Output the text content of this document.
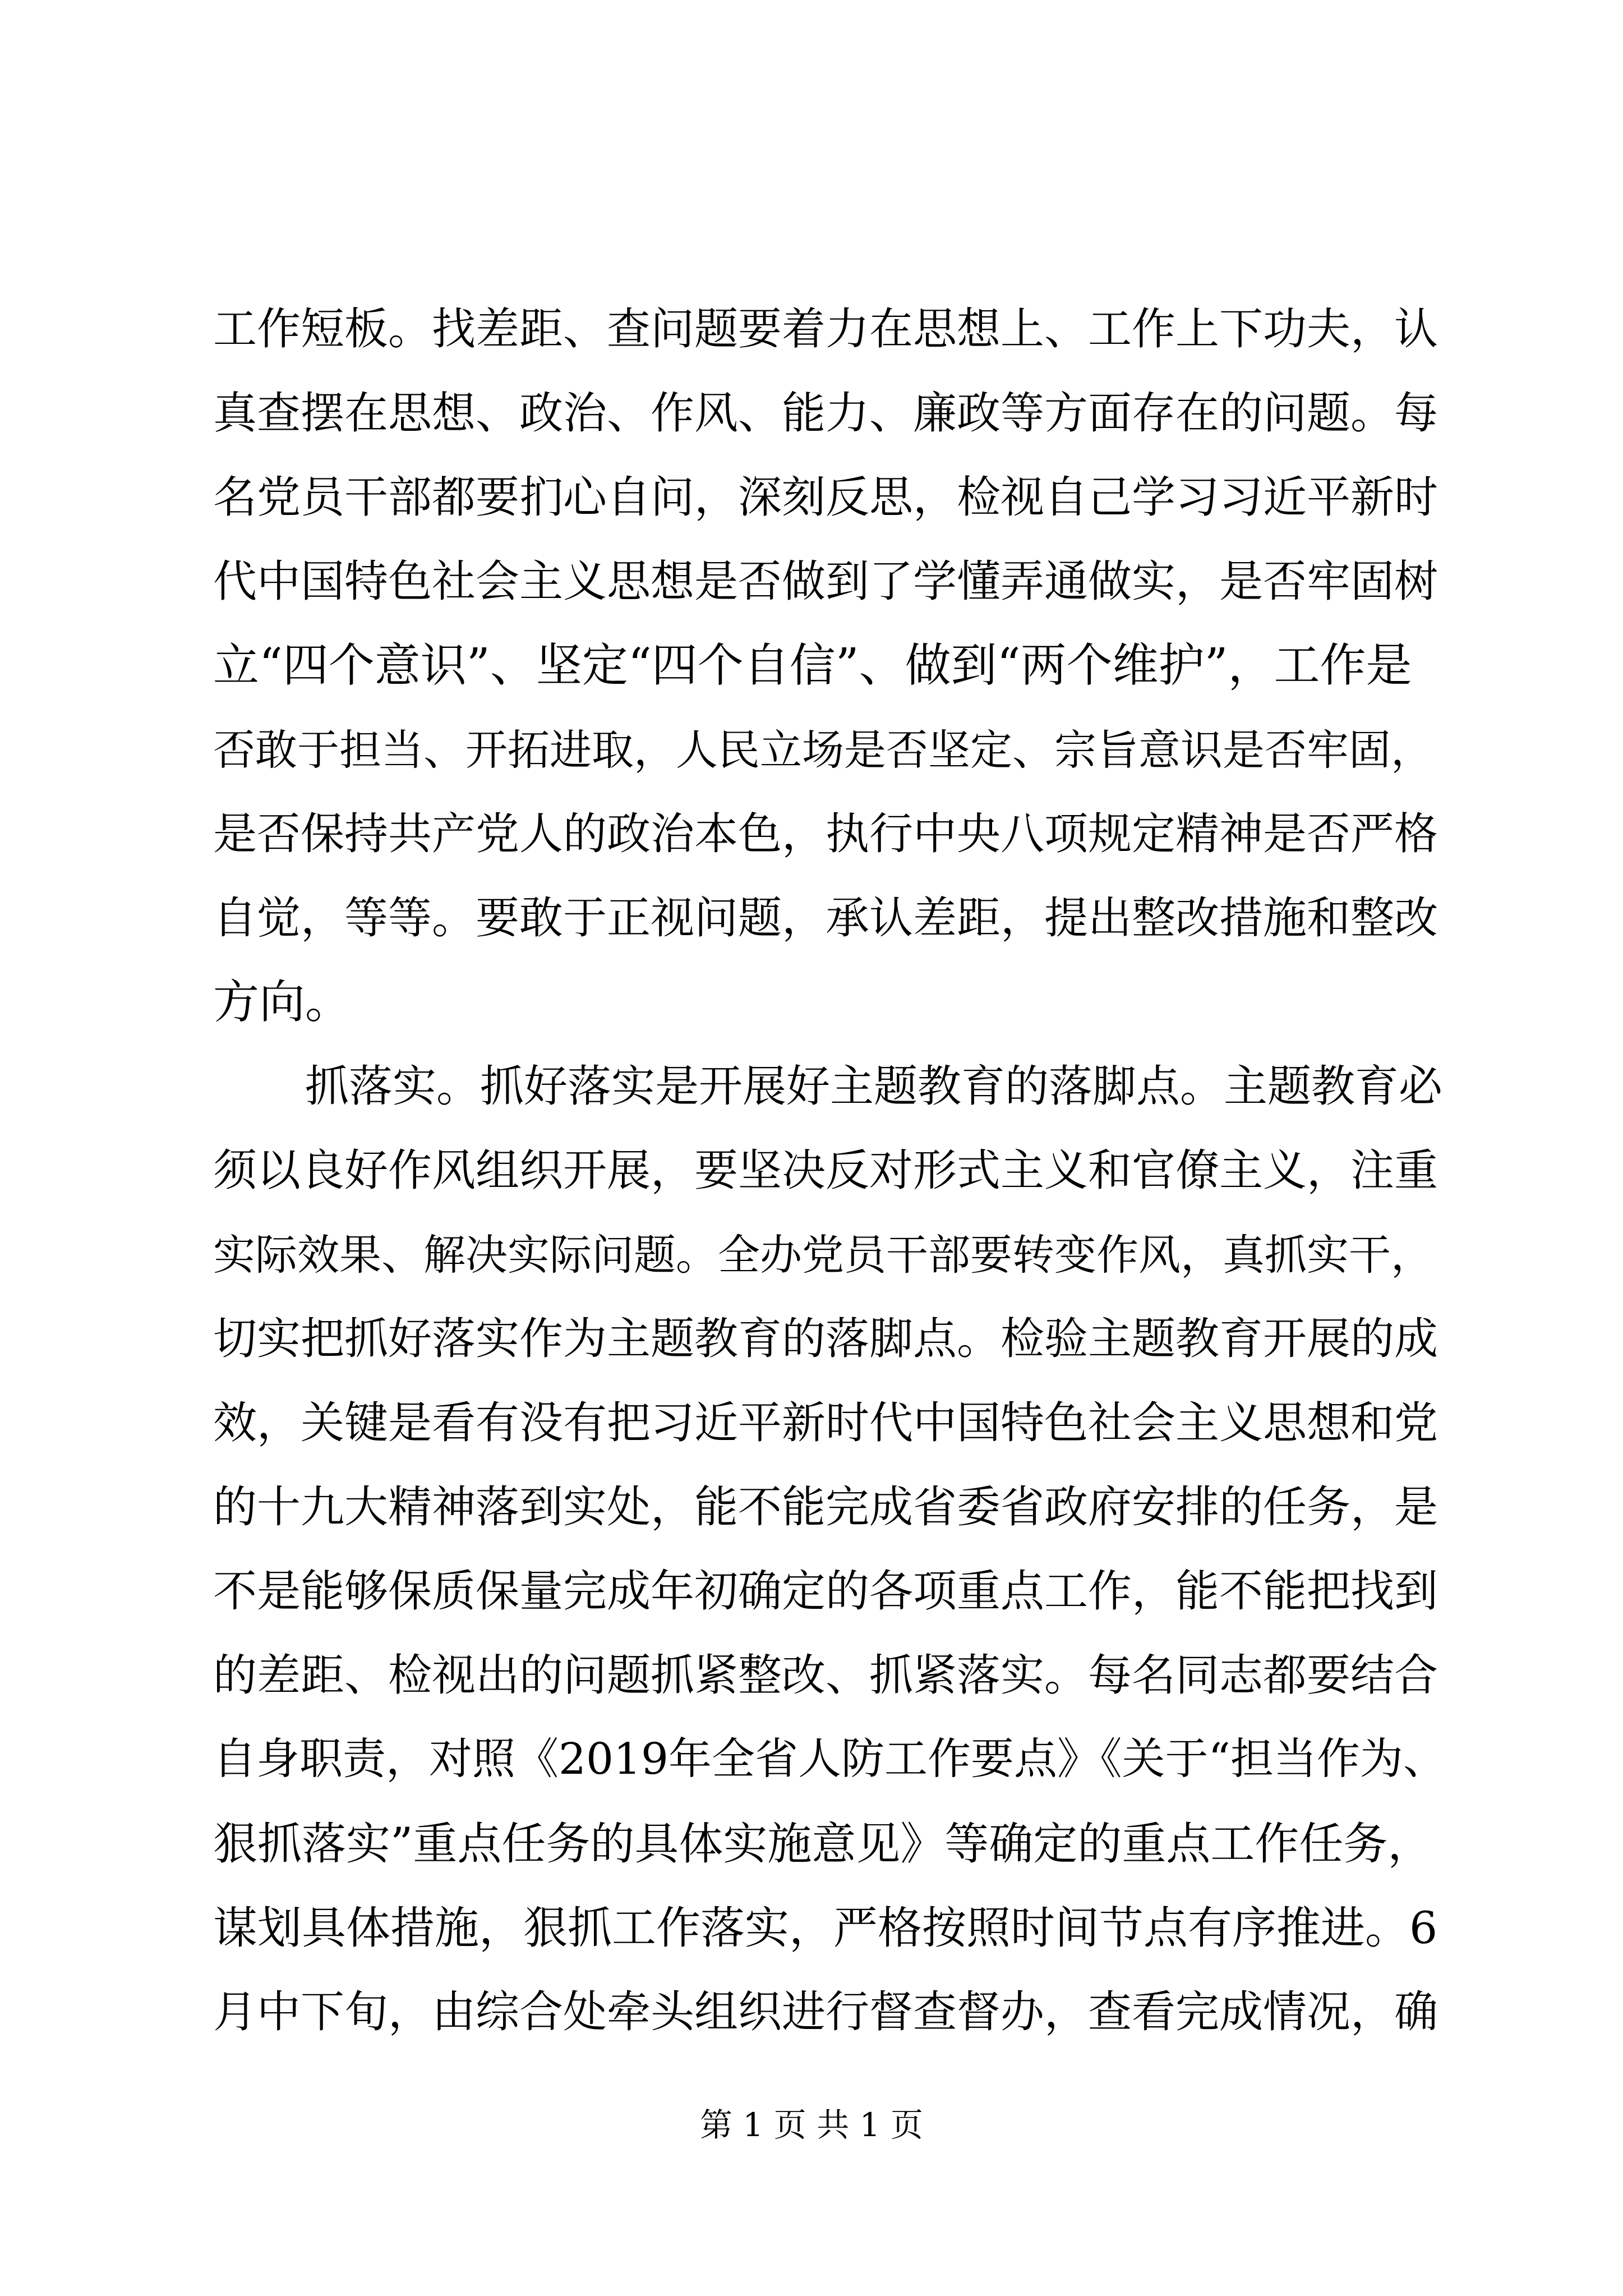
工作短板。找差距、查问题要着力在思想上、工作上下功夫，认
真查摆在思想、政治、作风、能力、廉政等方面存在的问题。每
名党员干部都要扪心自问，深刻反思，检视自己学习习近平新时
代中国特色社会主义思想是否做到了学懂弄通做实，是否牢固树
立“四个意识”、坚定“四个自信”、做到“两个维护”，工作是
否敢于担当、开拓进取，人民立场是否坚定、宗旨意识是否牢固，
是否保持共产党人的政治本色，执行中央八项规定精神是否严格
自觉，等等。要敢于正视问题，承认差距，提出整改措施和整改
方向。
抓落实。抓好落实是开展好主题教育的落脚点。主题教育必
须以良好作风组织开展，要坚决反对形式主义和官僚主义，注重
实际效果、解决实际问题。全办党员干部要转变作风，真抓实干，
切实把抓好落实作为主题教育的落脚点。检验主题教育开展的成
效，关键是看有没有把习近平新时代中国特色社会主义思想和党
的十九大精神落到实处，能不能完成省委省政府安排的任务，是
不是能够保质保量完成年初确定的各项重点工作，能不能把找到
的差距、检视出的问题抓紧整改、抓紧落实。每名同志都要结合
自身职责，对照《2019年全省人防工作要点》《关于“担当作为、
狠抓落实”重点任务的具体实施意见》等确定的重点工作任务，
谋划具体措施，狠抓工作落实，严格按照时间节点有序推进。6
月中下旬，由综合处牵头组织进行督查督办，查看完成情况，确
第 1 页 共 1 页
